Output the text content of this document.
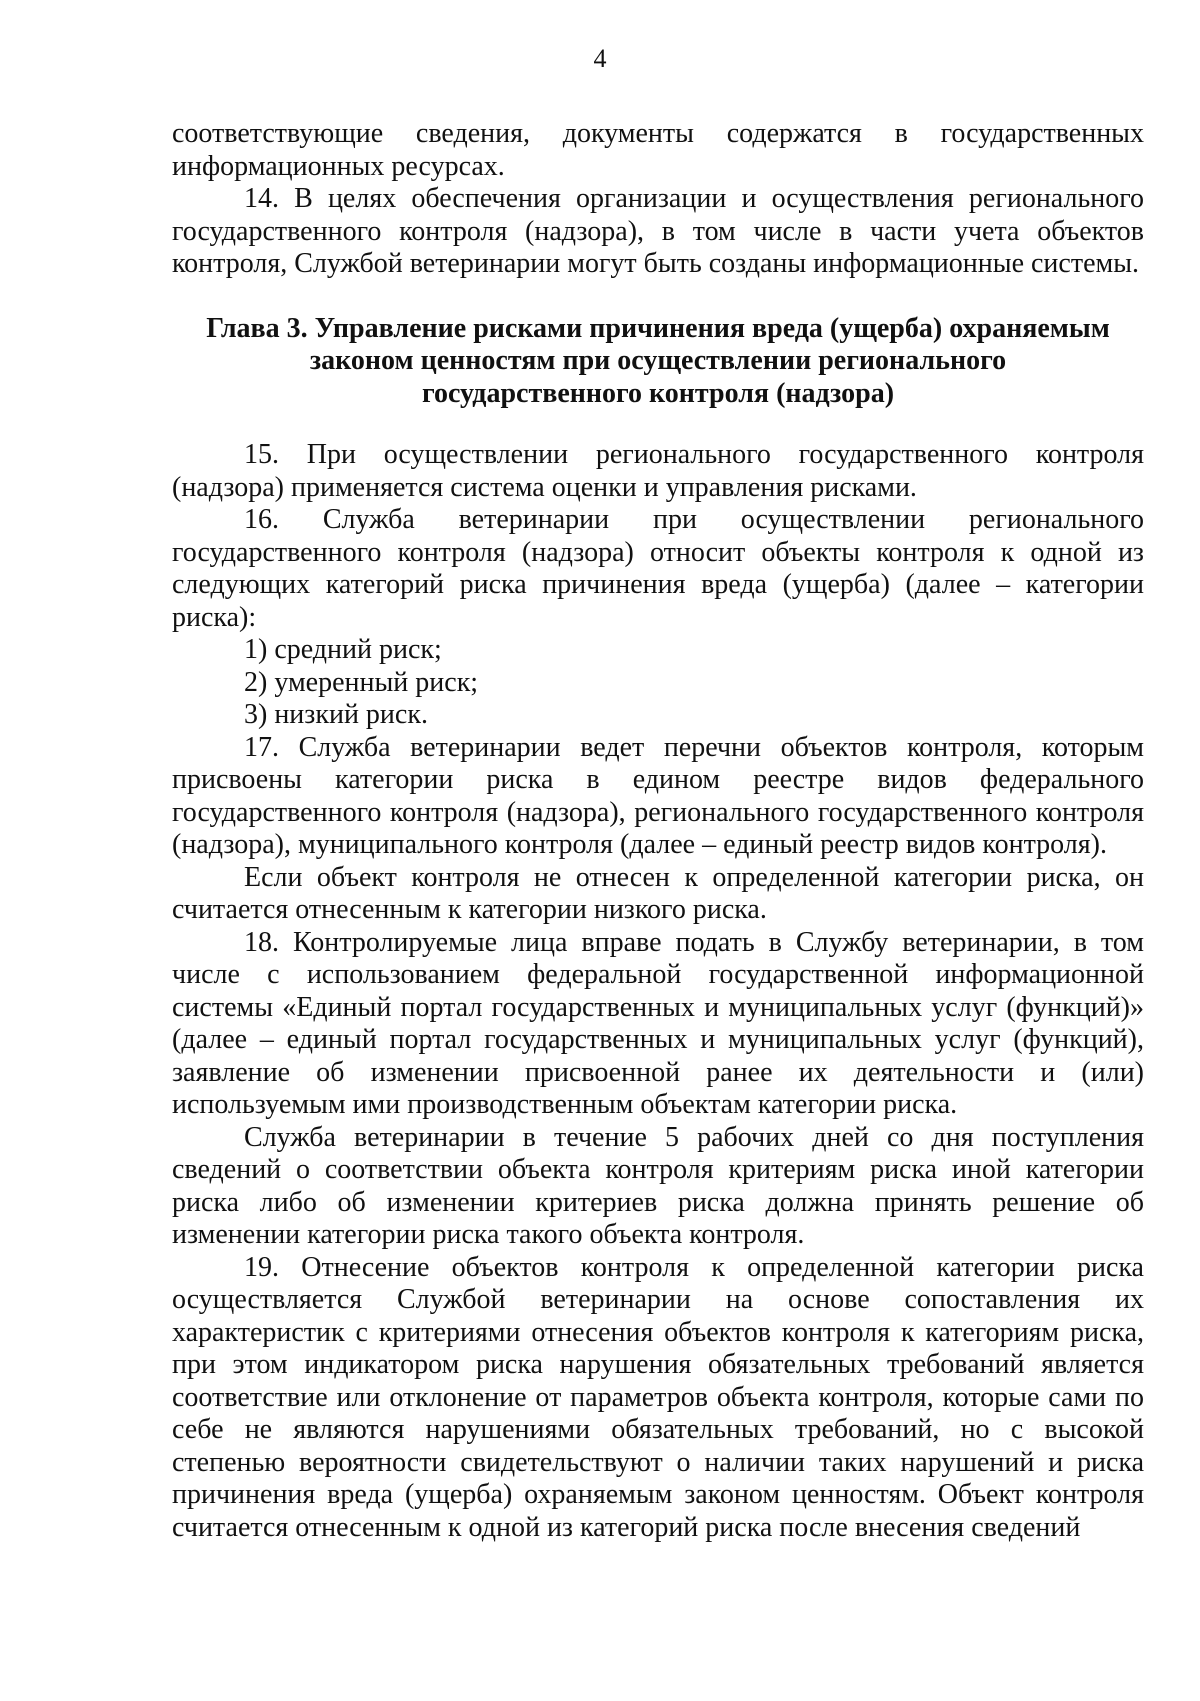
4

соответствующие сведения, документы содержатся в государственных информационных ресурсах.

14. В целях обеспечения организации и осуществления регионального государственного контроля (надзора), в том числе в части учета объектов контроля, Службой ветеринарии могут быть созданы информационные системы.

Глава 3. Управление рисками причинения вреда (ущерба) охраняемым
законом ценностям при осуществлении регионального
государственного контроля (надзора)

15. При осуществлении регионального государственного контроля (надзора) применяется система оценки и управления рисками.

16. Служба ветеринарии при осуществлении регионального государственного контроля (надзора) относит объекты контроля к одной из следующих категорий риска причинения вреда (ущерба) (далее – категории риска):

1) средний риск;

2) умеренный риск;

3) низкий риск.

17. Служба ветеринарии ведет перечни объектов контроля, которым присвоены категории риска в едином реестре видов федерального государственного контроля (надзора), регионального государственного контроля (надзора), муниципального контроля (далее – единый реестр видов контроля).

Если объект контроля не отнесен к определенной категории риска, он считается отнесенным к категории низкого риска.

18. Контролируемые лица вправе подать в Службу ветеринарии, в том числе с использованием федеральной государственной информационной системы «Единый портал государственных и муниципальных услуг (функций)» (далее – единый портал государственных и муниципальных услуг (функций), заявление об изменении присвоенной ранее их деятельности и (или) используемым ими производственным объектам категории риска.

Служба ветеринарии в течение 5 рабочих дней со дня поступления сведений о соответствии объекта контроля критериям риска иной категории риска либо об изменении критериев риска должна принять решение об изменении категории риска такого объекта контроля.

19. Отнесение объектов контроля к определенной категории риска осуществляется Службой ветеринарии на основе сопоставления их характеристик с критериями отнесения объектов контроля к категориям риска, при этом индикатором риска нарушения обязательных требований является соответствие или отклонение от параметров объекта контроля, которые сами по себе не являются нарушениями обязательных требований, но с высокой степенью вероятности свидетельствуют о наличии таких нарушений и риска причинения вреда (ущерба) охраняемым законом ценностям. Объект контроля считается отнесенным к одной из категорий риска после внесения сведений
